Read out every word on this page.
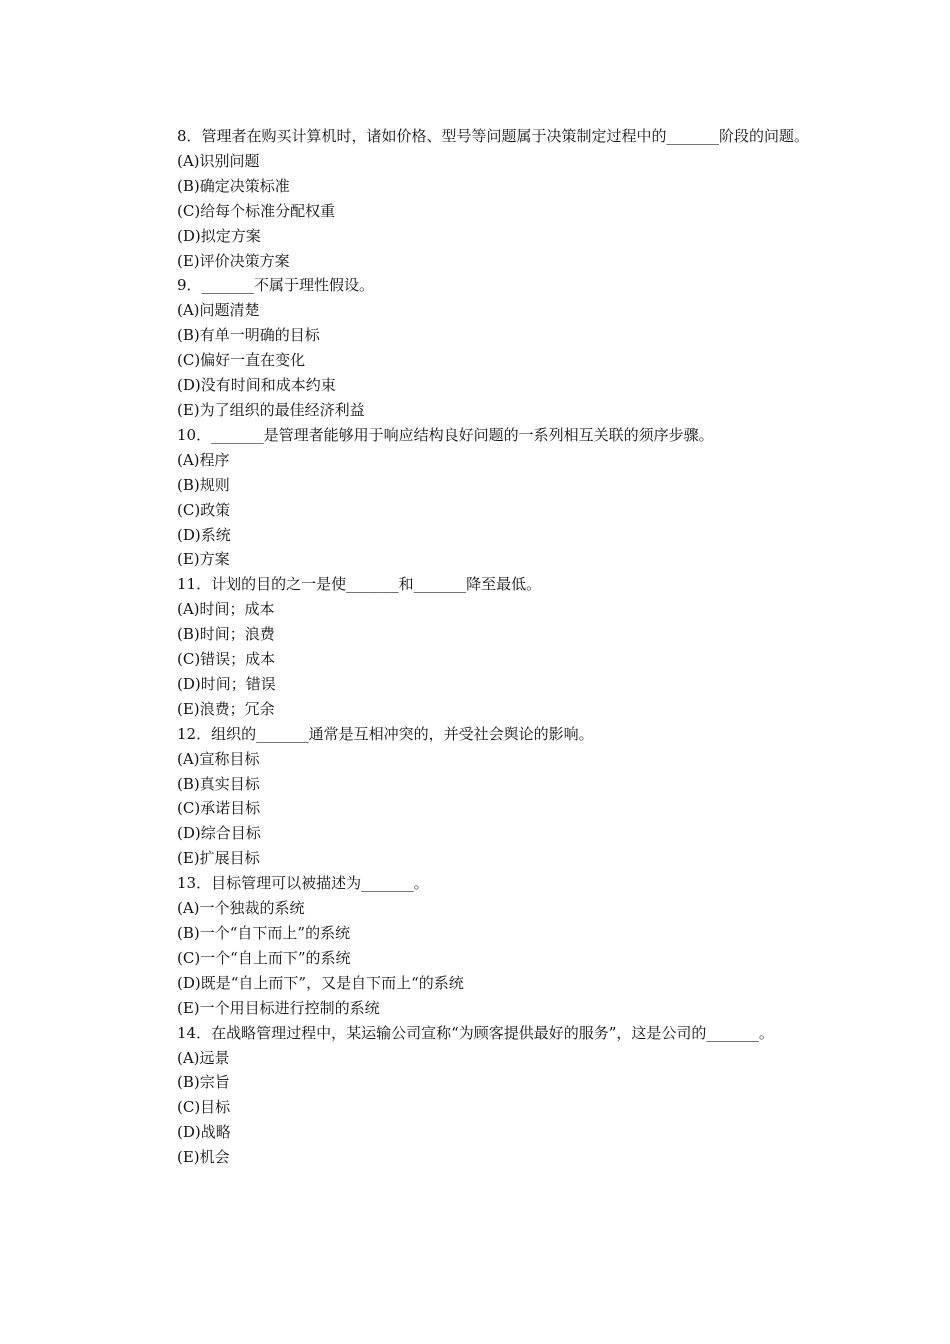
8．管理者在购买计算机时，诸如价格、型号等问题属于决策制定过程中的_______阶段的问题。

(A)识别问题

(B)确定决策标准

(C)给每个标准分配权重

(D)拟定方案

(E)评价决策方案

9．_______不属于理性假设。

(A)问题清楚

(B)有单一明确的目标

(C)偏好一直在变化

(D)没有时间和成本约束

(E)为了组织的最佳经济利益

10．_______是管理者能够用于响应结构良好问题的一系列相互关联的须序步骤。

(A)程序

(B)规则

(C)政策

(D)系统

(E)方案

11．计划的目的之一是使_______和_______降至最低。

(A)时间；成本

(B)时间；浪费

(C)错误；成本

(D)时间；错误

(E)浪费；冗余

12．组织的_______通常是互相冲突的，并受社会舆论的影响。

(A)宣称目标

(B)真实目标

(C)承诺目标

(D)综合目标

(E)扩展目标

13．目标管理可以被描述为_______。

(A)一个独裁的系统

(B)一个“自下而上”的系统

(C)一个“自上而下”的系统

(D)既是“自上而下”，又是自下而上“的系统

(E)一个用目标进行控制的系统

14．在战略管理过程中，某运输公司宣称“为顾客提供最好的服务”，这是公司的_______。

(A)远景

(B)宗旨

(C)目标

(D)战略

(E)机会
